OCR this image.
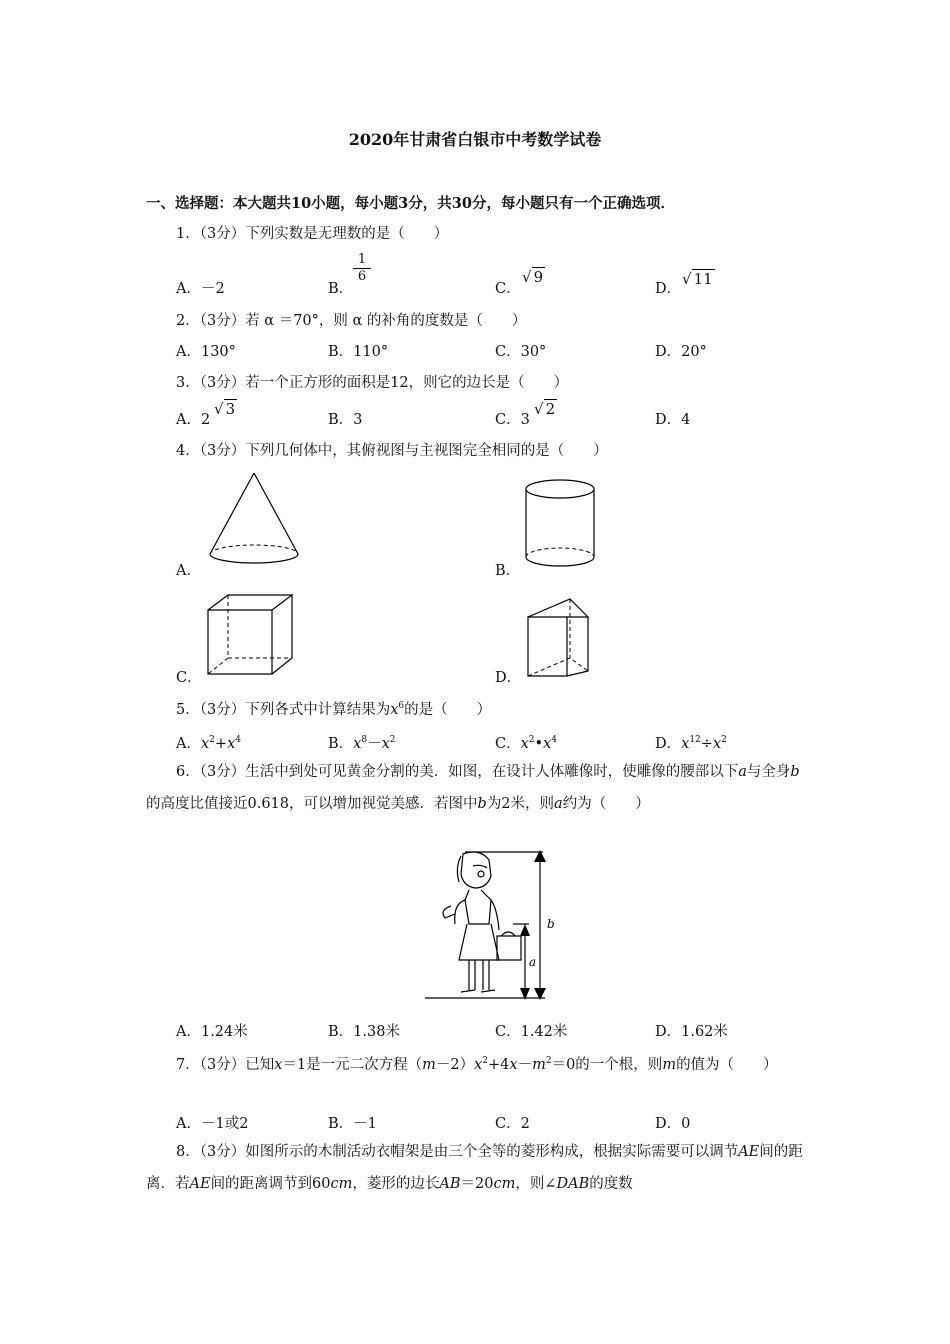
2020年甘肃省白银市中考数学试卷
一、选择题：本大题共10小题，每小题3分，共30分，每小题只有一个正确选项．
1．（3分）下列实数是无理数的是（　　）
A．－2	B．
$\frac{1}{6}$
C．
√ 9
D．
√ 11
2．（3分）若 α ＝70°，则 α 的补角的度数是（　　）
A．130°	B．110°	C．30°	D．20°
3．（3分）若一个正方形的面积是12，则它的边长是（　　）
A．2
√ 3
B．3	C．3
√ 2
D．4
4．（3分）下列几何体中，其俯视图与主视图完全相同的是（　　）
A．	B．
C．	D．
5．（3分）下列各式中计算结果为$x^6$的是（　　）
A．$x^2+x^4$	B．$x^8-x^2$	C．$x^2•x^4$	D．$x^{12}\div x^2$
6．（3分）生活中到处可见黄金分割的美．如图，在设计人体雕像时，使雕像的腰部以下a与全身b的高度比值接近0.618，可以增加视觉美感．若图中b为2米，则a约为（　　）
b
a
A．1.24米	B．1.38米	C．1.42米	D．1.62米
7．（3分）已知x＝1是一元二次方程$(m-2)x^2+4x-m^2=0$的一个根，则m的值为（　　）
A．－1或2	B．－1	C．2	D．0
8．（3分）如图所示的木制活动衣帽架是由三个全等的菱形构成，根据实际需要可以调节AE间的距离．若AE间的距离调节到60cm，菱形的边长AB＝20cm，则∠DAB的度数
